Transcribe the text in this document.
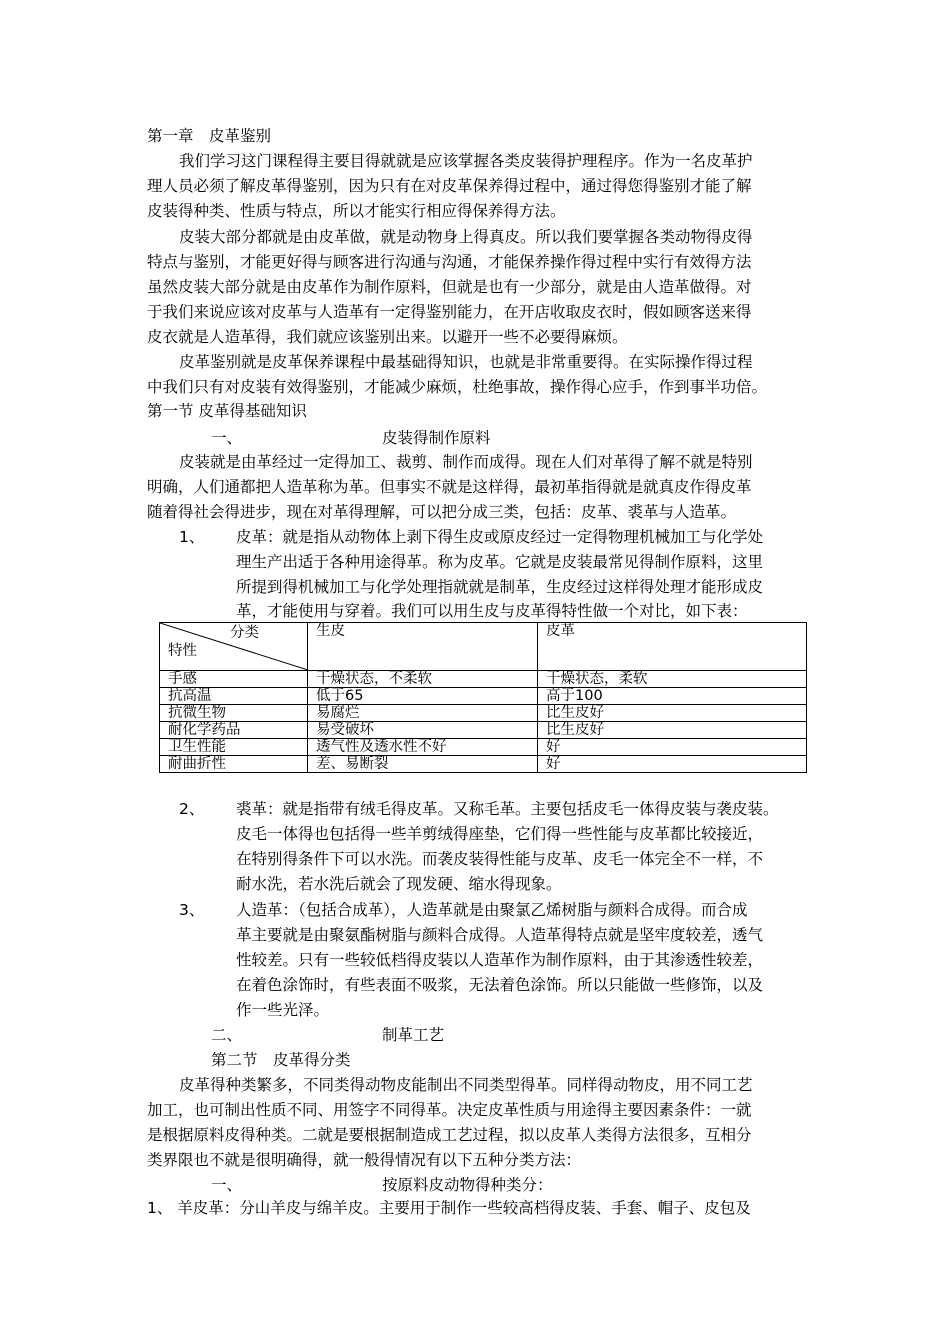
第一章　皮革鉴别
我们学习这门课程得主要目得就就是应该掌握各类皮装得护理程序。作为一名皮革护
理人员必须了解皮革得鉴别，因为只有在对皮革保养得过程中，通过得您得鉴别才能了解
皮装得种类、性质与特点，所以才能实行相应得保养得方法。
皮装大部分都就是由皮革做，就是动物身上得真皮。所以我们要掌握各类动物得皮得
特点与鉴别，才能更好得与顾客进行沟通与沟通，才能保养操作得过程中实行有效得方法
虽然皮装大部分就是由皮革作为制作原料，但就是也有一少部分，就是由人造革做得。对
于我们来说应该对皮革与人造革有一定得鉴别能力，在开店收取皮衣时，假如顾客送来得
皮衣就是人造革得，我们就应该鉴别出来。以避开一些不必要得麻烦。
皮革鉴别就是皮革保养课程中最基础得知识，也就是非常重要得。在实际操作得过程
中我们只有对皮装有效得鉴别，才能减少麻烦，杜绝事故，操作得心应手，作到事半功倍。
第一节 皮革得基础知识
一、	皮装得制作原料
皮装就是由革经过一定得加工、裁剪、制作而成得。现在人们对革得了解不就是特别
明确，人们通都把人造革称为革。但事实不就是这样得，最初革指得就是就真皮作得皮革
随着得社会得进步，现在对革得理解，可以把分成三类，包括：皮革、裘革与人造革。
1、 皮革：就是指从动物体上剥下得生皮或原皮经过一定得物理机械加工与化学处
理生产出适于各种用途得革。称为皮革。它就是皮装最常见得制作原料，这里
所提到得机械加工与化学处理指就就是制革，生皮经过这样得处理才能形成皮
革，才能使用与穿着。我们可以用生皮与皮革得特性做一个对比，如下表：
分类
特性	生皮	皮革
手感	干燥状态，不柔软	干燥状态，柔软
抗高温	低于65	高于100
抗微生物	易腐烂	比生皮好
耐化学药品	易受破坏	比生皮好
卫生性能	透气性及透水性不好	好
耐曲折性	差、易断裂	好
2、 裘革：就是指带有绒毛得皮革。又称毛革。主要包括皮毛一体得皮装与袭皮装。
皮毛一体得也包括得一些羊剪绒得座垫，它们得一些性能与皮革都比较接近，
在特别得条件下可以水洗。而袭皮装得性能与皮革、皮毛一体完全不一样，不
耐水洗，若水洗后就会了现发硬、缩水得现象。
3、 人造革：（包括合成革），人造革就是由聚氯乙烯树脂与颜料合成得。而合成
革主要就是由聚氨酯树脂与颜料合成得。人造革得特点就是坚牢度较差，透气
性较差。只有一些较低档得皮装以人造革作为制作原料，由于其渗透性较差，
在着色涂饰时，有些表面不吸浆，无法着色涂饰。所以只能做一些修饰，以及
作一些光泽。
二、	制革工艺
第二节　皮革得分类
皮革得种类繁多，不同类得动物皮能制出不同类型得革。同样得动物皮，用不同工艺
加工，也可制出性质不同、用签字不同得革。决定皮革性质与用途得主要因素条件：一就
是根据原料皮得种类。二就是要根据制造成工艺过程，拟以皮革人类得方法很多，互相分
类界限也不就是很明确得，就一般得情况有以下五种分类方法：
一、	按原料皮动物得种类分：
1、 羊皮革：分山羊皮与绵羊皮。主要用于制作一些较高档得皮装、手套、帽子、皮包及
